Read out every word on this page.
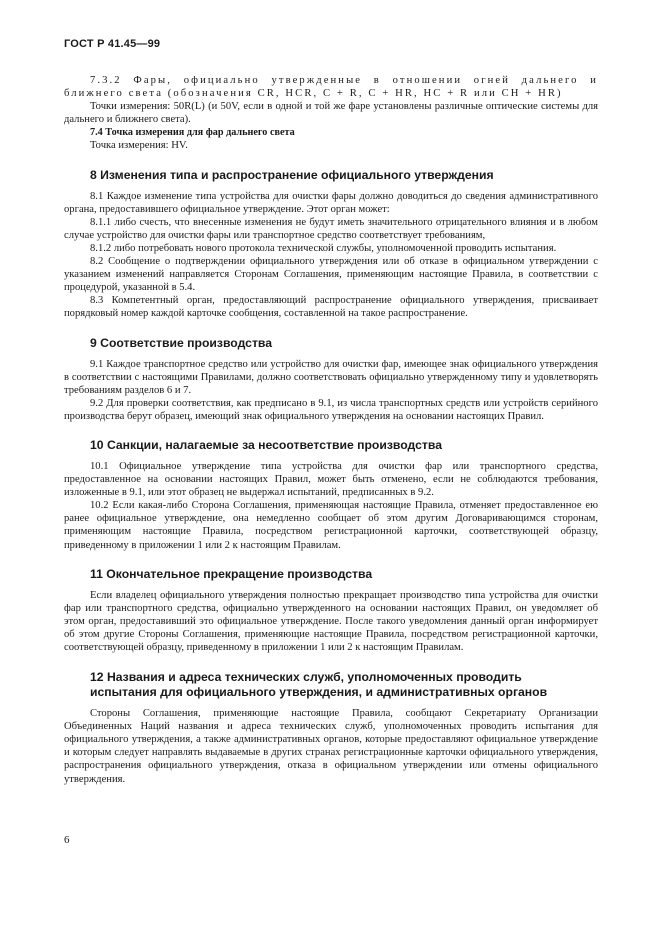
ГОСТ Р 41.45—99

7.3.2 Фары, официально утвержденные в отношении огней дальнего и ближнего света (обозначения CR, HCR, C + R, C + HR, HC + R или CH + HR)

Точки измерения: 50R(L) (и 50V, если в одной и той же фаре установлены различные оптические системы для дальнего и ближнего света).

7.4 Точка измерения для фар дальнего света

Точка измерения: HV.

8 Изменения типа и распространение официального утверждения

8.1 Каждое изменение типа устройства для очистки фары должно доводиться до сведения административного органа, предоставившего официальное утверждение. Этот орган может:

8.1.1 либо счесть, что внесенные изменения не будут иметь значительного отрицательного влияния и в любом случае устройство для очистки фары или транспортное средство соответствует требованиям,

8.1.2 либо потребовать нового протокола технической службы, уполномоченной проводить испытания.

8.2 Сообщение о подтверждении официального утверждения или об отказе в официальном утверждении с указанием изменений направляется Сторонам Соглашения, применяющим настоящие Правила, в соответствии с процедурой, указанной в 5.4.

8.3 Компетентный орган, предоставляющий распространение официального утверждения, присваивает порядковый номер каждой карточке сообщения, составленной на такое распространение.

9 Соответствие производства

9.1 Каждое транспортное средство или устройство для очистки фар, имеющее знак официального утверждения в соответствии с настоящими Правилами, должно соответствовать официально утвержденному типу и удовлетворять требованиям разделов 6 и 7.

9.2 Для проверки соответствия, как предписано в 9.1, из числа транспортных средств или устройств серийного производства берут образец, имеющий знак официального утверждения на основании настоящих Правил.

10 Санкции, налагаемые за несоответствие производства

10.1 Официальное утверждение типа устройства для очистки фар или транспортного средства, предоставленное на основании настоящих Правил, может быть отменено, если не соблюдаются требования, изложенные в 9.1, или этот образец не выдержал испытаний, предписанных в 9.2.

10.2 Если какая-либо Сторона Соглашения, применяющая настоящие Правила, отменяет предоставленное ею ранее официальное утверждение, она немедленно сообщает об этом другим Договаривающимся сторонам, применяющим настоящие Правила, посредством регистрационной карточки, соответствующей образцу, приведенному в приложении 1 или 2 к настоящим Правилам.

11 Окончательное прекращение производства

Если владелец официального утверждения полностью прекращает производство типа устройства для очистки фар или транспортного средства, официально утвержденного на основании настоящих Правил, он уведомляет об этом орган, предоставивший это официальное утверждение. После такого уведомления данный орган информирует об этом другие Стороны Соглашения, применяющие настоящие Правила, посредством регистрационной карточки, соответствующей образцу, приведенному в приложении 1 или 2 к настоящим Правилам.

12 Названия и адреса технических служб, уполномоченных проводить
испытания для официального утверждения, и административных органов

Стороны Соглашения, применяющие настоящие Правила, сообщают Секретариату Организации Объединенных Наций названия и адреса технических служб, уполномоченных проводить испытания для официального утверждения, а также административных органов, которые предоставляют официальное утверждение и которым следует направлять выдаваемые в других странах регистрационные карточки официального утверждения, распространения официального утверждения, отказа в официальном утверждении или отмены официального утверждения.

6
